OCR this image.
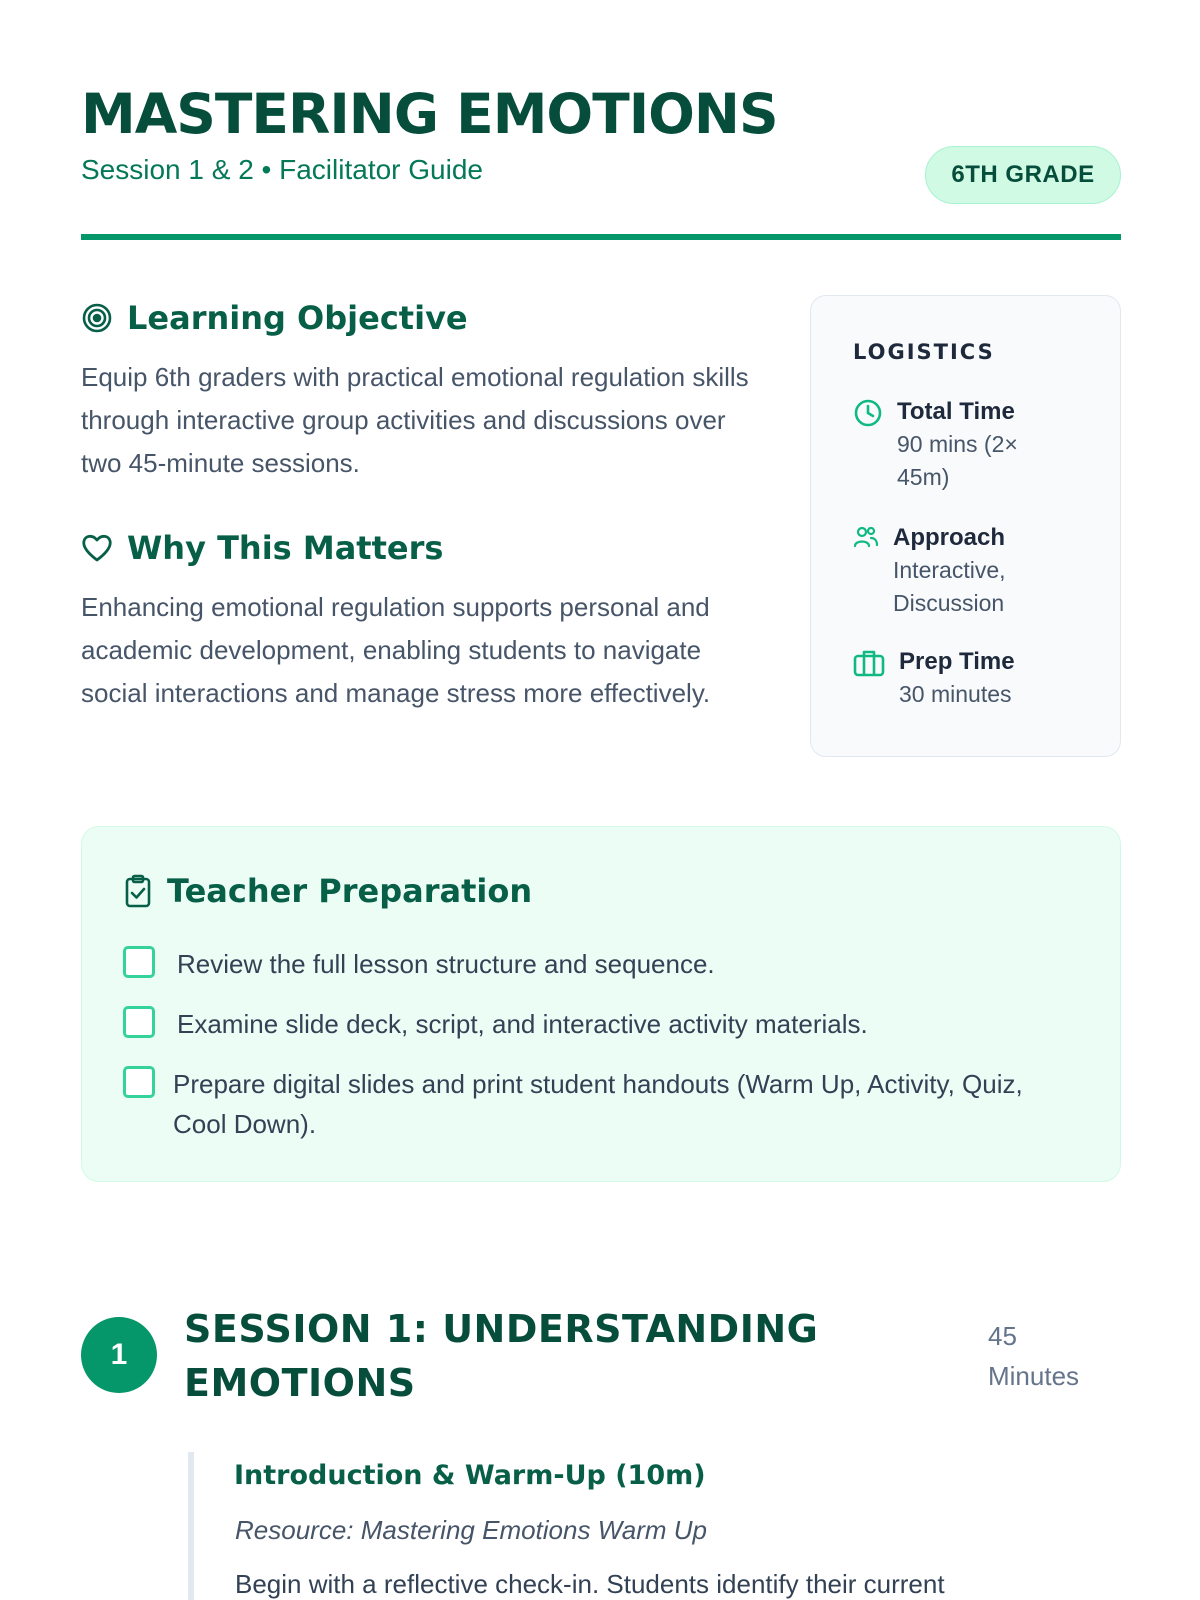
MASTERING EMOTIONS
Session 1 & 2 • Facilitator Guide	6TH GRADE
Learning Objective

Equip 6th graders with practical emotional regulation skills through interactive group activities and discussions over two 45-minute sessions.

Why This Matters

Enhancing emotional regulation supports personal and academic development, enabling students to navigate social interactions and manage stress more effectively.

LOGISTICS
Total Time
90 mins (2× 45m)
Approach
Interactive, Discussion
Prep Time
30 minutes
Teacher Preparation
Review the full lesson structure and sequence.
Examine slide deck, script, and interactive activity materials.
Prepare digital slides and print student handouts (Warm Up, Activity, Quiz, Cool Down).
1
SESSION 1: UNDERSTANDING EMOTIONS
45 Minutes
Introduction & Warm-Up (10m)
Resource: Mastering Emotions Warm Up
Begin with a reflective check-in. Students identify their current
